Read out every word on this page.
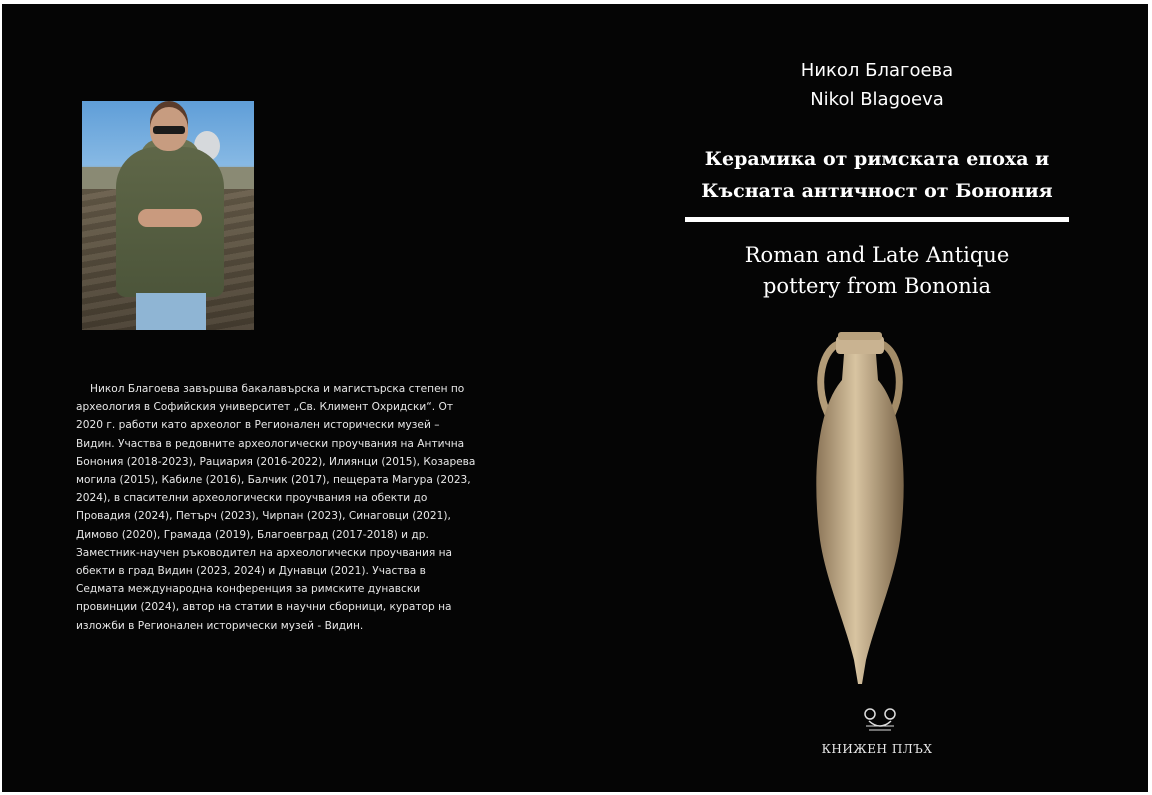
Никол Благоева завършва бакалавърска и магистърска степен по археология в Софийския университет „Св. Климент Охридски“. От 2020 г. работи като археолог в Регионален исторически музей – Видин. Участва в редовните археологически проучвания на Антична Бонония (2018-2023), Рациария (2016-2022), Илиянци (2015), Козарева могила (2015), Кабиле (2016), Балчик (2017), пещерата Магура (2023, 2024), в спасителни археологически проучвания на обекти до Провадия (2024), Петърч (2023), Чирпан (2023), Синаговци (2021), Димово (2020), Грамада (2019), Благоевград (2017-2018) и др. Заместник-научен ръководител на археологически проучвания на обекти в град Видин (2023, 2024) и Дунавци (2021). Участва в Седмата международна конференция за римските дунавски провинции (2024), автор на статии в научни сборници, куратор на изложби в Регионален исторически музей - Видин.

Никол Благоева

Nikol Blagoeva

Керамика от римската епоха и

Късната античност от Бонония

Roman and Late Antique

pottery from Bononia

КНИЖЕН ПЛЪХ
